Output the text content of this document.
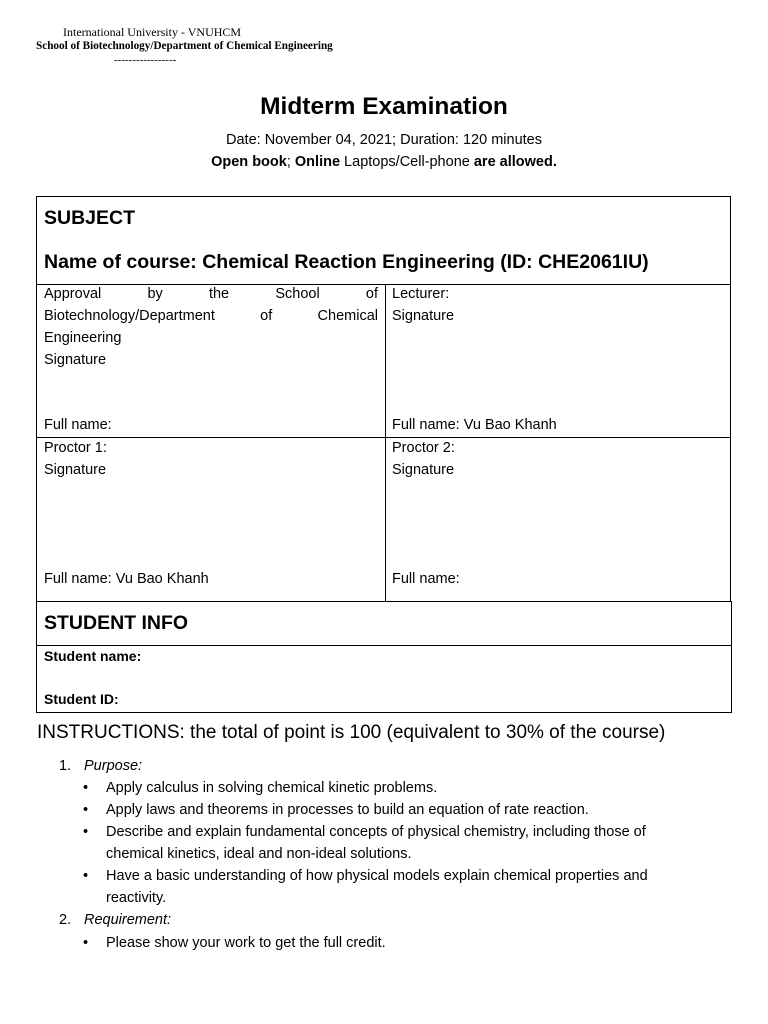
International University - VNUHCM
School of Biotechnology/Department of Chemical Engineering
-----------------
Midterm Examination
Date: November 04, 2021; Duration: 120 minutes
Open book; Online Laptops/Cell-phone are allowed.
SUBJECT
Name of course: Chemical Reaction Engineering (ID: CHE2061IU)
Approval	by	the	School	of
Biotechnology/Department	of	Chemical
Engineering
Signature
Full name:
Lecturer:
Signature
Full name: Vu Bao Khanh
Proctor 1:
Signature
Full name: Vu Bao Khanh
Proctor 2:
Signature
Full name:
STUDENT INFO
Student name:
Student ID:
INSTRUCTIONS: the total of point is 100 (equivalent to 30% of the course)
1. Purpose:
• Apply calculus in solving chemical kinetic problems.
• Apply laws and theorems in processes to build an equation of rate reaction.
• Describe and explain fundamental concepts of physical chemistry, including those of
chemical kinetics, ideal and non-ideal solutions.
• Have a basic understanding of how physical models explain chemical properties and
reactivity.
2. Requirement:
• Please show your work to get the full credit.
